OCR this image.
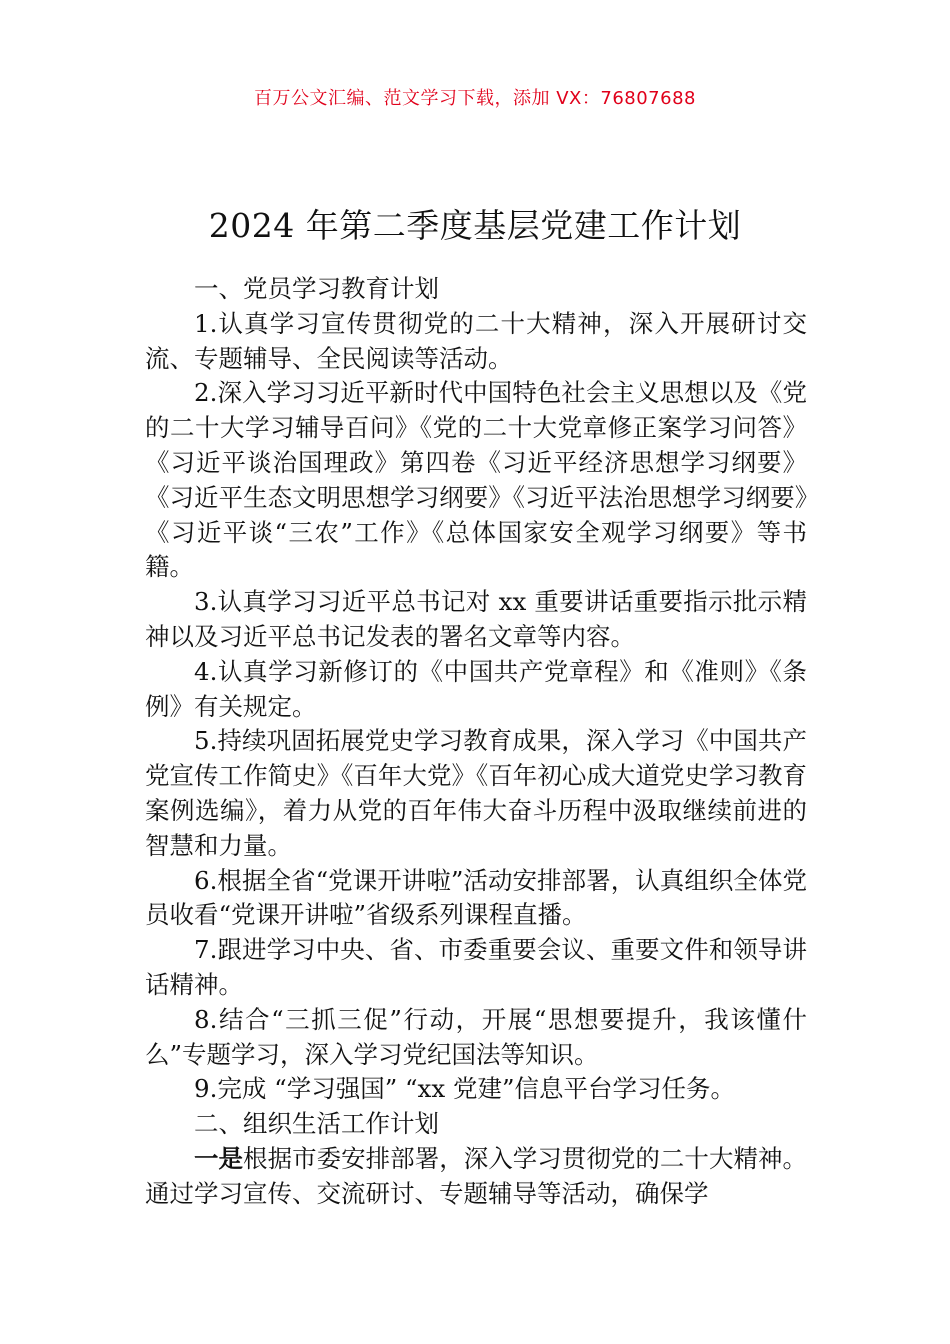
百万公文汇编、范文学习下载，添加 VX：76807688
2024 年第二季度基层党建工作计划

一、党员学习教育计划

1.认真学习宣传贯彻党的二十大精神，深入开展研讨交流、专题辅导、全民阅读等活动。

2.深入学习习近平新时代中国特色社会主义思想以及《党的二十大学习辅导百问》《党的二十大党章修正案学习问答》《习近平谈治国理政》第四卷《习近平经济思想学习纲要》《习近平生态文明思想学习纲要》《习近平法治思想学习纲要》《习近平谈“三农”工作》《总体国家安全观学习纲要》等书籍。

3.认真学习习近平总书记对 xx 重要讲话重要指示批示精神以及习近平总书记发表的署名文章等内容。

4.认真学习新修订的《中国共产党章程》和《准则》《条例》有关规定。

5.持续巩固拓展党史学习教育成果，深入学习《中国共产党宣传工作简史》《百年大党》《百年初心成大道党史学习教育案例选编》，着力从党的百年伟大奋斗历程中汲取继续前进的智慧和力量。

6.根据全省“党课开讲啦”活动安排部署，认真组织全体党员收看“党课开讲啦”省级系列课程直播。

7.跟进学习中央、省、市委重要会议、重要文件和领导讲话精神。

8.结合“三抓三促”行动，开展“思想要提升，我该懂什么”专题学习，深入学习党纪国法等知识。

9.完成 “学习强国” “xx 党建”信息平台学习任务。

二、组织生活工作计划

一是根据市委安排部署，深入学习贯彻党的二十大精神。通过学习宣传、交流研讨、专题辅导等活动，确保学
